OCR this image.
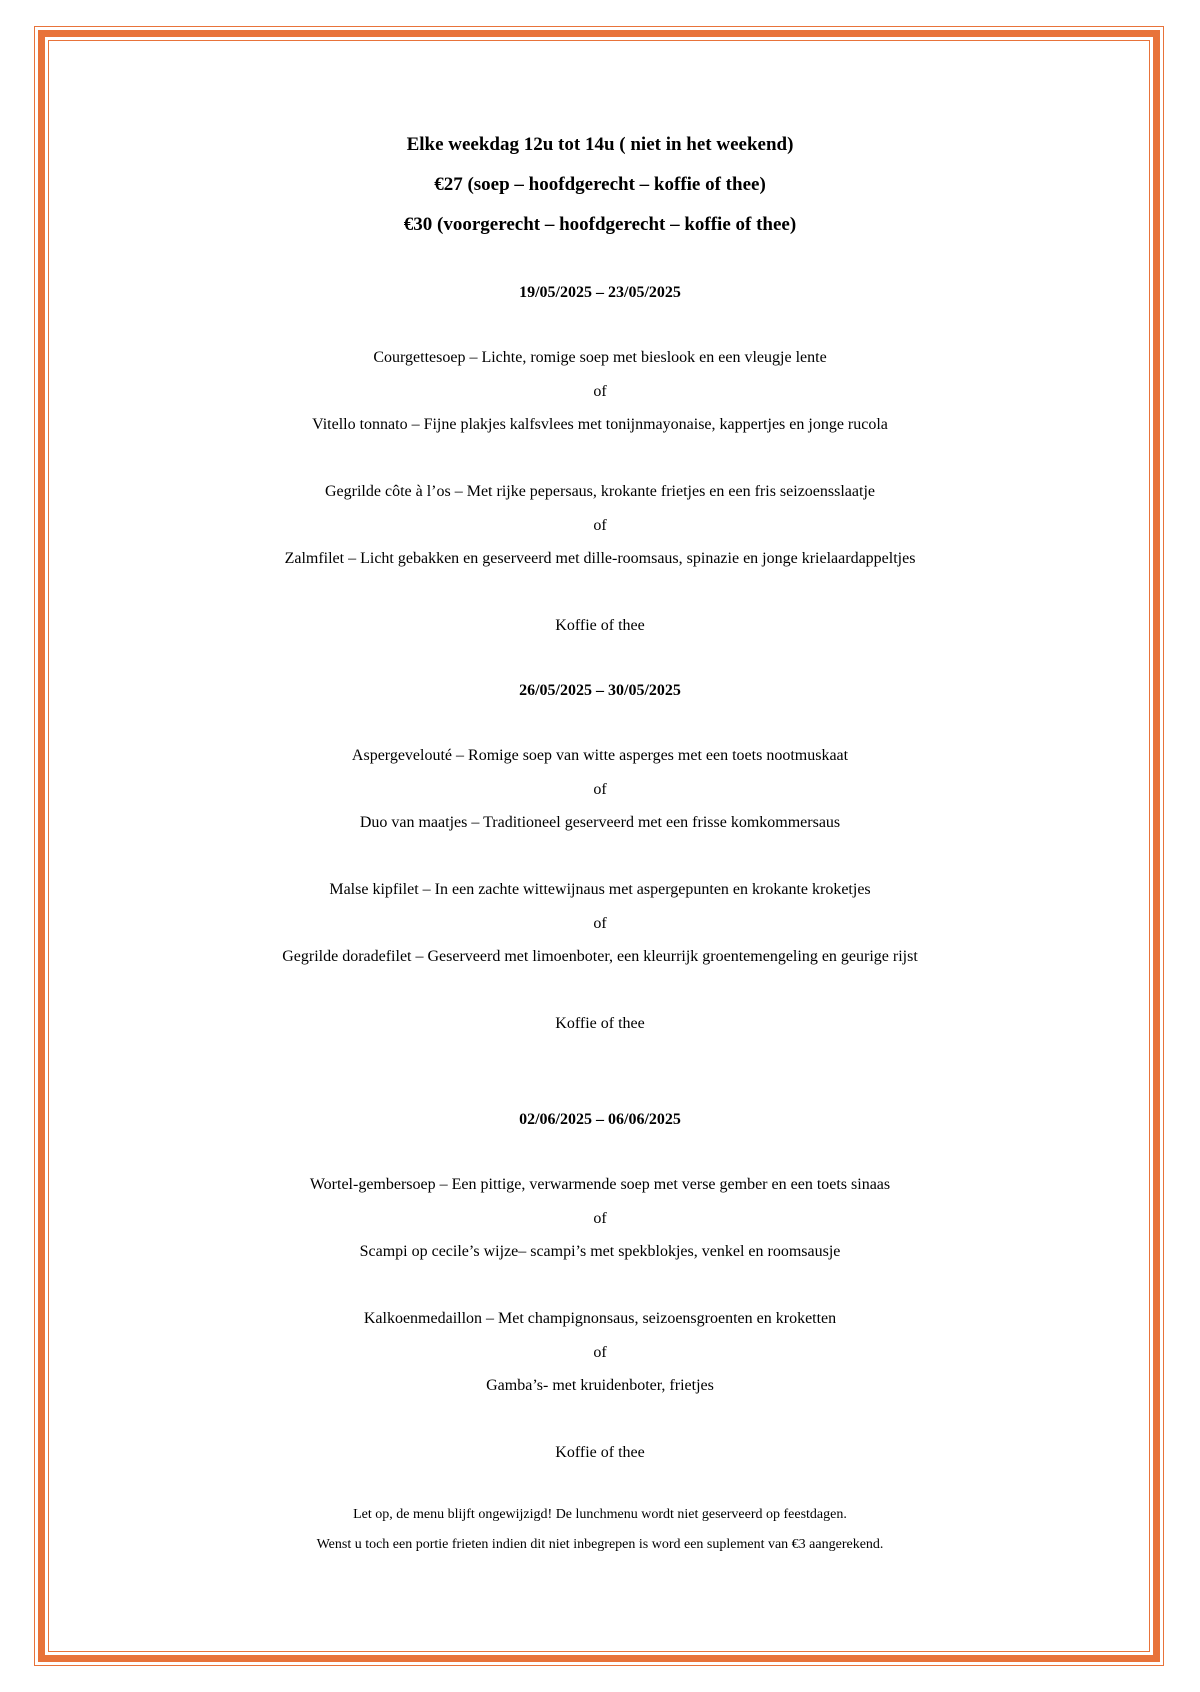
Elke weekdag 12u tot 14u ( niet in het weekend)
€27 (soep – hoofdgerecht – koffie of thee)
€30 (voorgerecht – hoofdgerecht – koffie of thee)
19/05/2025 – 23/05/2025
Courgettesoep – Lichte, romige soep met bieslook en een vleugje lente
of
Vitello tonnato – Fijne plakjes kalfsvlees met tonijnmayonaise, kappertjes en jonge rucola
Gegrilde côte à l’os – Met rijke pepersaus, krokante frietjes en een fris seizoensslaatje
of
Zalmfilet – Licht gebakken en geserveerd met dille-roomsaus, spinazie en jonge krielaardappeltjes
Koffie of thee
26/05/2025 – 30/05/2025
Aspergevelouté – Romige soep van witte asperges met een toets nootmuskaat
of
Duo van maatjes – Traditioneel geserveerd met een frisse komkommersaus
Malse kipfilet – In een zachte wittewijnaus met aspergepunten en krokante kroketjes
of
Gegrilde doradefilet – Geserveerd met limoenboter, een kleurrijk groentemengeling en geurige rijst
Koffie of thee
02/06/2025 – 06/06/2025
Wortel-gembersoep – Een pittige, verwarmende soep met verse gember en een toets sinaas
of
Scampi op cecile’s wijze– scampi’s met spekblokjes, venkel en roomsausje
Kalkoenmedaillon – Met champignonsaus, seizoensgroenten en kroketten
of
Gamba’s- met kruidenboter, frietjes
Koffie of thee
Let op, de menu blijft ongewijzigd! De lunchmenu wordt niet geserveerd op feestdagen.
Wenst u toch een portie frieten indien dit niet inbegrepen is word een suplement van €3 aangerekend.
